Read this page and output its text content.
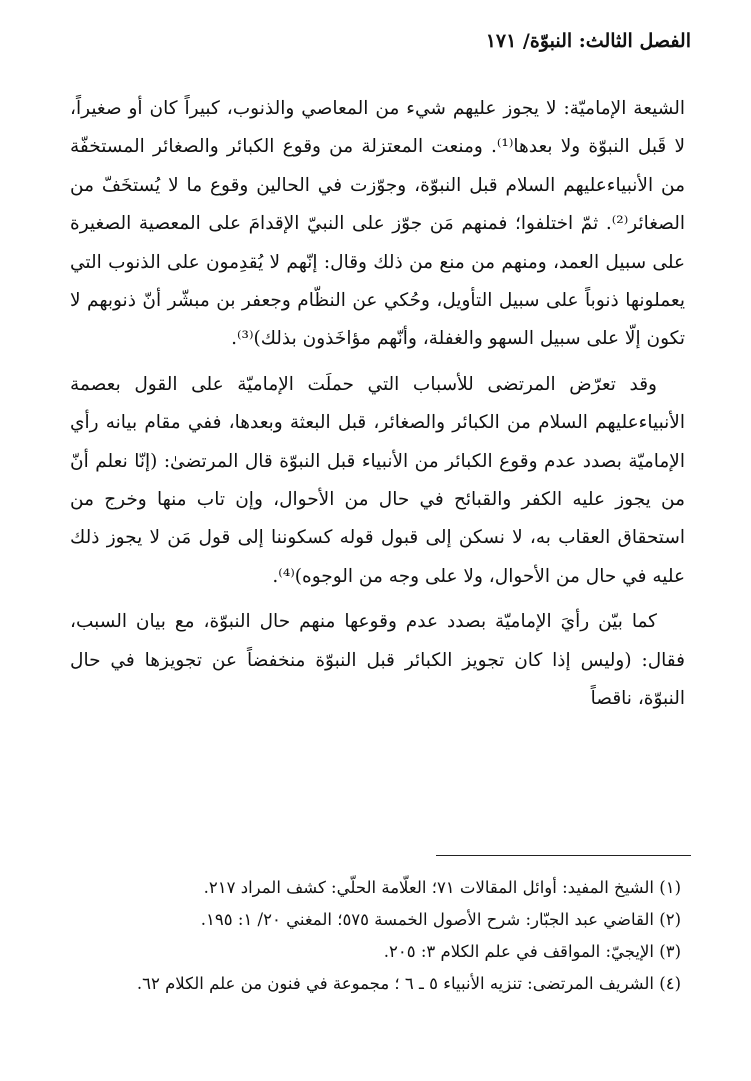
الفصل الثالث: النبوّة/ ١٧١

الشيعة الإماميّة: لا يجوز عليهم شيء من المعاصي والذنوب، كبيراً كان أو صغيراً، لا قَبل النبوّة ولا بعدها⁽¹⁾. ومنعت المعتزلة من وقوع الكبائر والصغائر المستخفّة من الأنبياءعليهم السلام قبل النبوّة، وجوّزت في الحالين وقوع ما لا يُستخَفّ من الصغائر⁽²⁾. ثمّ اختلفوا؛ فمنهم مَن جوّز على النبيّ الإقدامَ على المعصية الصغيرة على سبيل العمد، ومنهم من منع من ذلك وقال: إنّهم لا يُقدِمون على الذنوب التي يعملونها ذنوباً على سبيل التأويل، وحُكي عن النظّام وجعفر بن مبشّر أنّ ذنوبهم لا تكون إلّا على سبيل السهو والغفلة، وأنّهم مؤاخَذون بذلك)⁽³⁾.

وقد تعرّض المرتضى للأسباب التي حملَت الإماميّة على القول بعصمة الأنبياءعليهم السلام من الكبائر والصغائر، قبل البعثة وبعدها، ففي مقام بيانه رأي الإماميّة بصدد عدم وقوع الكبائر من الأنبياء قبل النبوّة قال المرتضىٰ: (إنّا نعلم أنّ من يجوز عليه الكفر والقبائح في حال من الأحوال، وإن تاب منها وخرج من استحقاق العقاب به، لا نسكن إلى قبول قوله كسكوننا إلى قول مَن لا يجوز ذلك عليه في حال من الأحوال، ولا على وجه من الوجوه)⁽⁴⁾.

كما بيّن رأيَ الإماميّة بصدد عدم وقوعها منهم حال النبوّة، مع بيان السبب، فقال: (وليس إذا كان تجويز الكبائر قبل النبوّة منخفضاً عن تجويزها في حال النبوّة، ناقصاً

(١) الشيخ المفيد: أوائل المقالات ٧١؛ العلّامة الحلّي: كشف المراد ٢١٧.
(٢) القاضي عبد الجبّار: شرح الأصول الخمسة ٥٧٥؛ المغني ٢٠/ ١: ١٩٥.
(٣) الإيجيّ: المواقف في علم الكلام ٣: ٢٠٥.
(٤) الشريف المرتضى: تنزيه الأنبياء ٥ ـ ٦ ؛ مجموعة في فنون من علم الكلام ٦٢.
